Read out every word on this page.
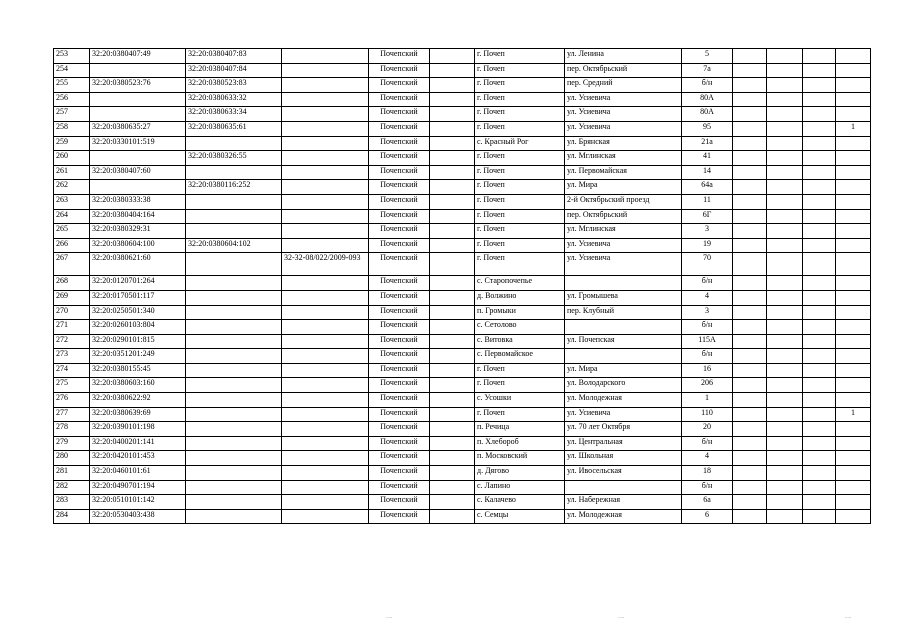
253	32:20:0380407:49	32:20:0380407:83		Почепский		г. Почеп	ул. Ленина	5				
254		32:20:0380407:84		Почепский		г. Почеп	пер. Октябрьский	7а				
255	32:20:0380523:76	32:20:0380523:83		Почепский		г. Почеп	пер. Средний	б/н				
256		32:20:0380633:32		Почепский		г. Почеп	ул. Усиевича	80А				
257		32:20:0380633:34		Почепский		г. Почеп	ул. Усиевича	80А				
258	32:20:0380635:27	32:20:0380635:61		Почепский		г. Почеп	ул. Усиевича	95				1
259	32:20:0330101:519			Почепский		с. Красный Рог	ул. Брянская	21а				
260		32:20:0380326:55		Почепский		г. Почеп	ул. Мглинская	41				
261	32:20:0380407:60			Почепский		г. Почеп	ул. Первомайская	14				
262		32:20:0380116:252		Почепский		г. Почеп	ул. Мира	64а				
263	32:20:0380333:38			Почепский		г. Почеп	2-й Октябрьский проезд	11				
264	32:20:0380404:164			Почепский		г. Почеп	пер. Октябрьский	6Г				
265	32:20:0380329:31			Почепский		г. Почеп	ул. Мглинская	3				
266	32:20:0380604:100	32:20:0380604:102		Почепский		г. Почеп	ул. Усиевича	19				
267	32:20:0380621:60		32-32-08/022/2009-093	Почепский		г. Почеп	ул. Усиевича	70				
268	32:20:0120701:264			Почепский		с. Старопочепье		б/н				
269	32:20:0170501:117			Почепский		д. Волжино	ул. Громышева	4				
270	32:20:0250501:340			Почепский		п. Громыки	пер. Клубный	3				
271	32:20:0260103:804			Почепский		с. Сетолово		б/н				
272	32:20:0290101:815			Почепский		с. Витовка	ул. Почепская	115А				
273	32:20:0351201:249			Почепский		с. Первомайское		б/н				
274	32:20:0380155:45			Почепский		г. Почеп	ул. Мира	16				
275	32:20:0380603:160			Почепский		г. Почеп	ул. Володарского	206				
276	32:20:0380622:92			Почепский		с. Усошки	ул. Молодежная	1				
277	32:20:0380639:69			Почепский		г. Почеп	ул. Усиевича	110				1
278	32:20:0390101:198			Почепский		п. Речица	ул. 70 лет Октября	20				
279	32:20:0400201:141			Почепский		п. Хлебороб	ул. Центральная	б/н				
280	32:20:0420101:453			Почепский		п. Московский	ул. Школьная	4				
281	32:20:0460101:61			Почепский		д. Дягово	ул. Ивосельская	18				
282	32:20:0490701:194			Почепский		с. Лапино		б/н				
283	32:20:0510101:142			Почепский		с. Калачево	ул. Набережная	6а				
284	32:20:0530403:438			Почепский		с. Семцы	ул. Молодежная	6				
.....	.....	.....
